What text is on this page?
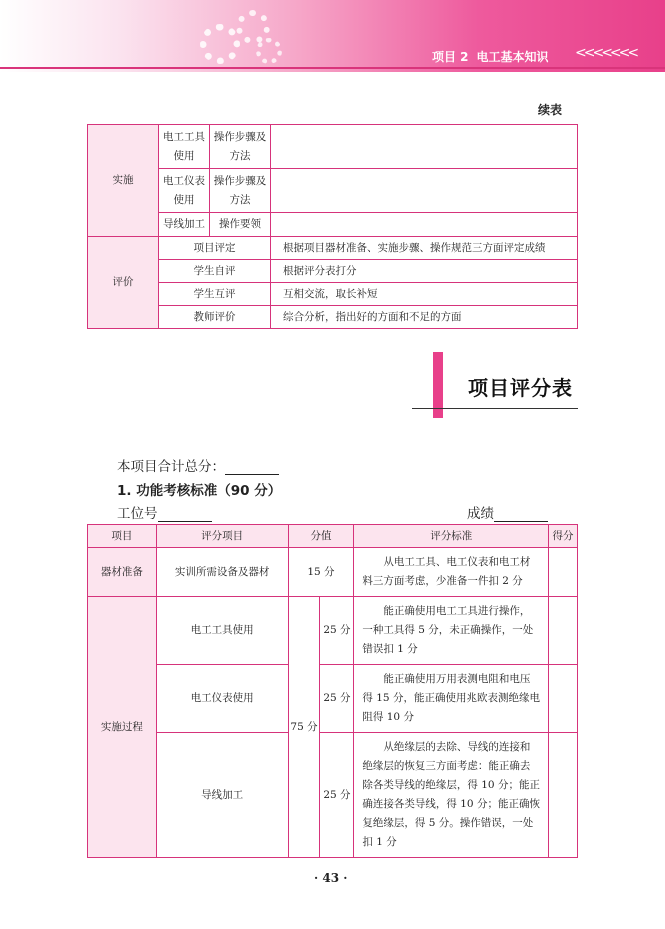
项目 2 电工基本知识	<<<<<<<
续表
实施	电工工具使用	操作步骤及方法	
	电工仪表使用	操作步骤及方法	
	导线加工	操作要领	
评价	项目评定		根据项目器材准备、实施步骤、操作规范三方面评定成绩
	学生自评		根据评分表打分
	学生互评		互相交流，取长补短
	教师评价		综合分析，指出好的方面和不足的方面
项目评分表
本项目合计总分：
1. 功能考核标准（90 分）
工位号	成绩
项目	评分项目	分值		评分标准	得分
器材准备	实训所需设备及器材	15 分		从电工工具、电工仪表和电工材料三方面考虑，少准备一件扣 2 分	

实施过程	电工工具使用	75 分	25 分	能正确使用电工工具进行操作，一种工具得 5 分，未正确操作，一处错误扣 1 分	

	电工仪表使用		25 分	能正确使用万用表测电阻和电压得 15 分，能正确使用兆欧表测绝缘电阻得 10 分	

	导线加工		25 分	从绝缘层的去除、导线的连接和绝缘层的恢复三方面考虑：能正确去除各类导线的绝缘层，得 10 分；能正确连接各类导线，得 10 分；能正确恢复绝缘层，得 5 分。操作错误，一处扣 1 分	

· 43 ·
